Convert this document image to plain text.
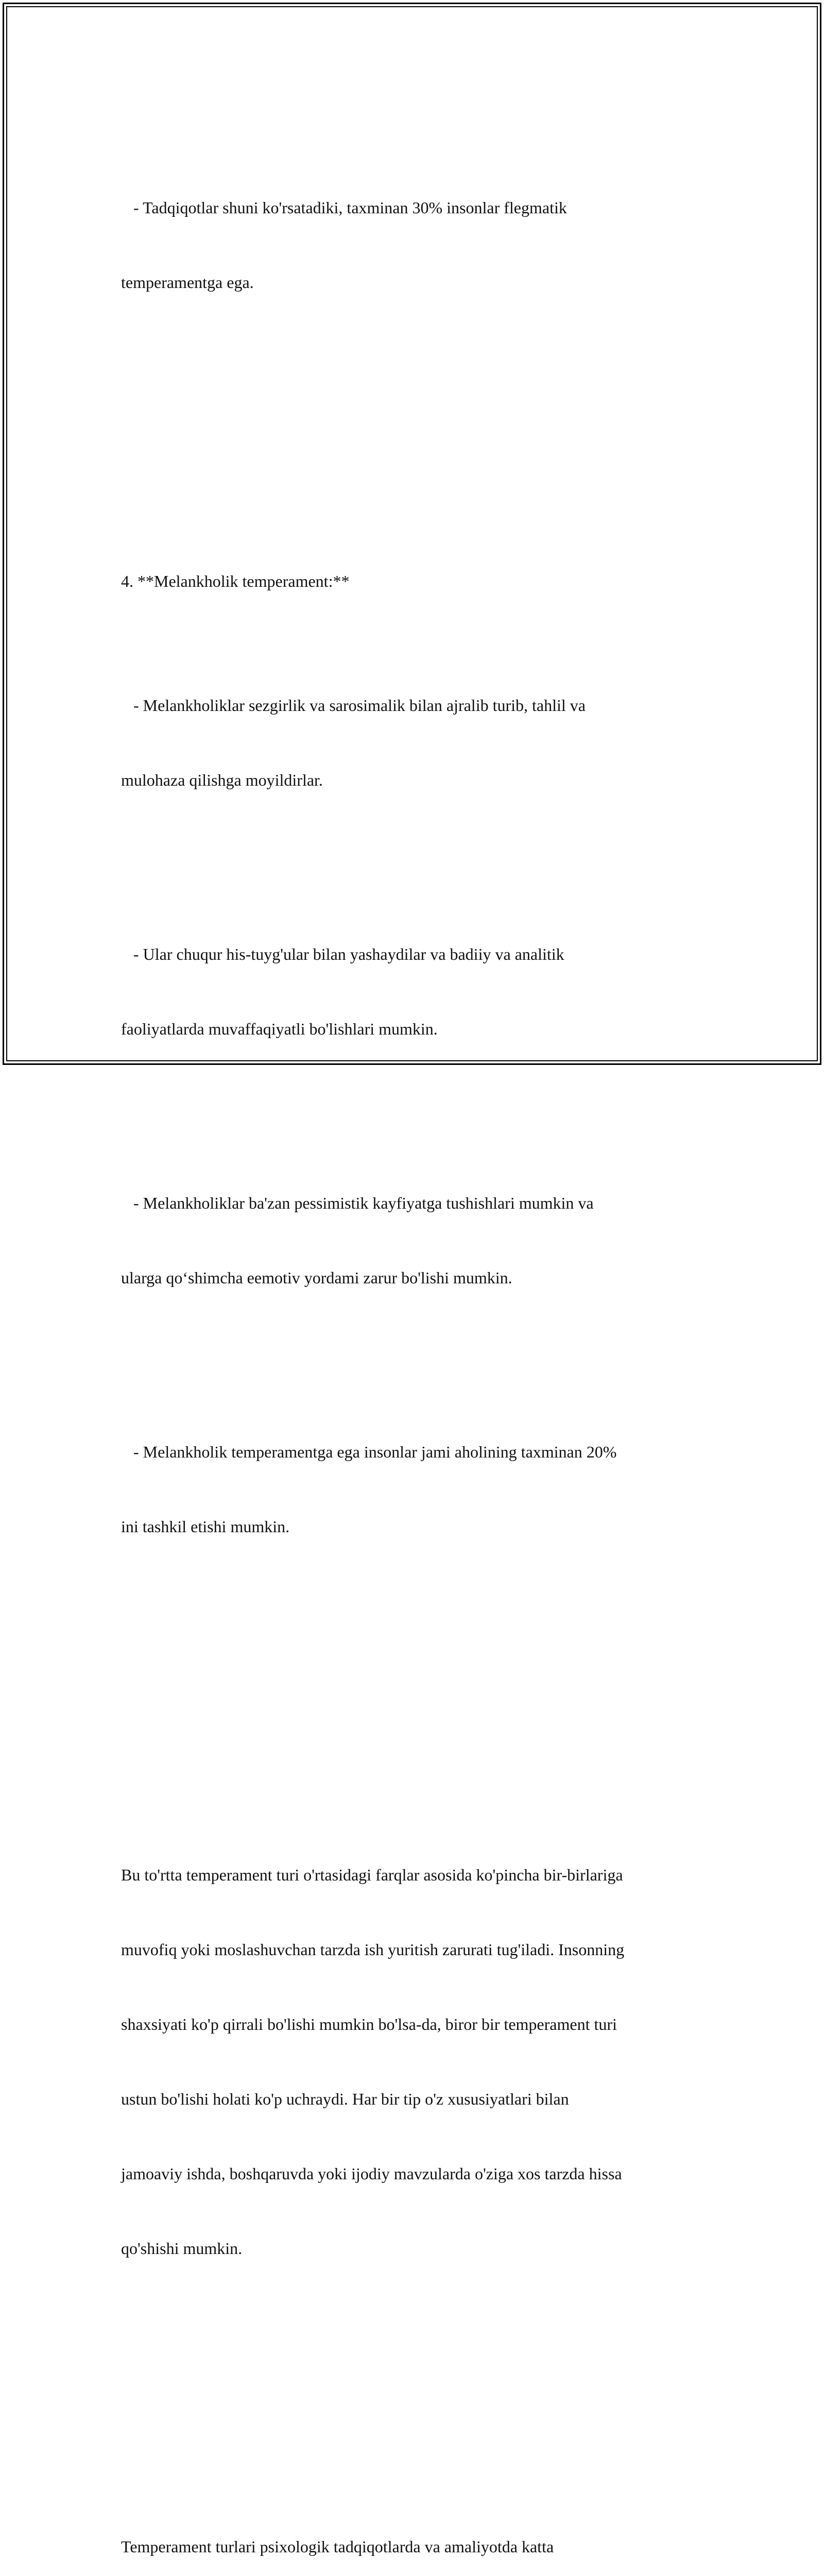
- Tadqiqotlar shuni ko'rsatadiki, taxminan 30% insonlar flegmatik

temperamentga ega.

4. **Melankholik temperament:**

- Melankholiklar sezgirlik va sarosimalik bilan ajralib turib, tahlil va

mulohaza qilishga moyildirlar.

- Ular chuqur his-tuyg'ular bilan yashaydilar va badiiy va analitik

faoliyatlarda muvaffaqiyatli bo'lishlari mumkin.

- Melankholiklar ba'zan pessimistik kayfiyatga tushishlari mumkin va

ularga qo‘shimcha eemotiv yordami zarur bo'lishi mumkin.

- Melankholik temperamentga ega insonlar jami aholining taxminan 20%

ini tashkil etishi mumkin.

Bu to'rtta temperament turi o'rtasidagi farqlar asosida ko'pincha bir-birlariga

muvofiq yoki moslashuvchan tarzda ish yuritish zarurati tug'iladi. Insonning

shaxsiyati ko'p qirrali bo'lishi mumkin bo'lsa-da, biror bir temperament turi

ustun bo'lishi holati ko'p uchraydi. Har bir tip o'z xususiyatlari bilan

jamoaviy ishda, boshqaruvda yoki ijodiy mavzularda o'ziga xos tarzda hissa

qo'shishi mumkin.

Temperament turlari psixologik tadqiqotlarda va amaliyotda katta
